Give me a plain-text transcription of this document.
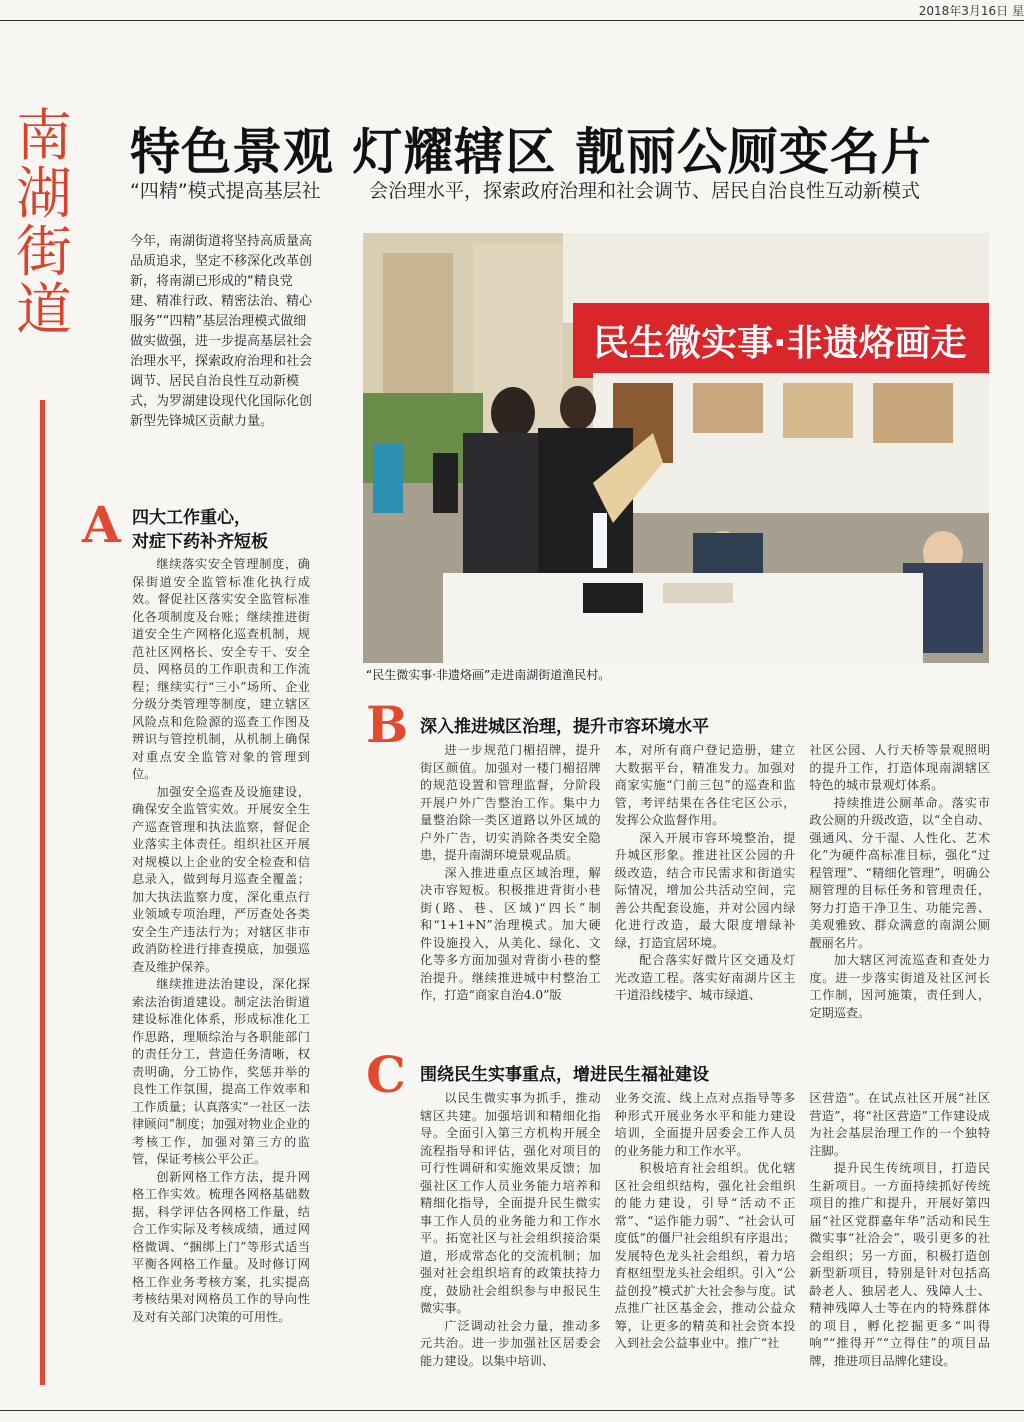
2018年3月16日 星
南
湖
街
道
特色景观 灯耀辖区 靓丽公厕变名片
“四精”模式提高基层社        会治理水平，探索政府治理和社会调节、居民自治良性互动新模式
今年，南湖街道将坚持高质量高品质追求，坚定不移深化改革创新，将南湖已形成的“精良党建、精准行政、精密法治、精心服务”“四精”基层治理模式做细做实做强，进一步提高基层社会治理水平，探索政府治理和社会调节、居民自治良性互动新模式，为罗湖建设现代化国际化创新型先锋城区贡献力量。
民生微实事·非遗烙画走
“民生微实事·非遗烙画”走进南湖街道渔民村。
A 四大工作重心，
对症下药补齐短板

继续落实安全管理制度，确保街道安全监管标准化执行成效。督促社区落实安全监管标准化各项制度及台账；继续推进街道安全生产网格化巡查机制，规范社区网格长、安全专干、安全员、网格员的工作职责和工作流程；继续实行“三小”场所、企业分级分类管理等制度，建立辖区风险点和危险源的巡查工作图及辨识与管控机制，从机制上确保对重点安全监管对象的管理到位。

加强安全巡查及设施建设，确保安全监管实效。开展安全生产巡查管理和执法监察，督促企业落实主体责任。组织社区开展对规模以上企业的安全检查和信息录入，做到每月巡查全覆盖；加大执法监察力度，深化重点行业领域专项治理，严厉查处各类安全生产违法行为；对辖区非市政消防栓进行排查摸底，加强巡查及维护保养。

继续推进法治建设，深化探索法治街道建设。制定法治街道建设标准化体系，形成标准化工作思路，理顺综治与各职能部门的责任分工，营造任务清晰，权责明确，分工协作，奖惩并举的良性工作氛围，提高工作效率和工作质量；认真落实“一社区一法律顾问”制度；加强对物业企业的考核工作，加强对第三方的监管，保证考核公平公正。

创新网格工作方法，提升网格工作实效。梳理各网格基础数据，科学评估各网格工作量，结合工作实际及考核成绩，通过网格微调、“捆绑上门”等形式适当平衡各网格工作量。及时修订网格工作业务考核方案，扎实提高考核结果对网格员工作的导向性及对有关部门决策的可用性。

B 深入推进城区治理，提升市容环境水平

进一步规范门楣招牌，提升街区颜值。加强对一楼门楣招牌的规范设置和管理监督，分阶段开展户外广告整治工作。集中力量整治除一类区道路以外区域的户外广告，切实消除各类安全隐患，提升南湖环境景观品质。

深入推进重点区域治理，解决市容短板。积极推进背街小巷街(路、巷、区域)“四长”制和“1+1+N”治理模式。加大硬件设施投入，从美化、绿化、文化等多方面加强对背街小巷的整治提升。继续推进城中村整治工作，打造“商家自治4.0”版

本，对所有商户登记造册，建立大数据平台，精准发力。加强对商家实施“门前三包”的巡查和监管，考评结果在各住宅区公示，发挥公众监督作用。

深入开展市容环境整治，提升城区形象。推进社区公园的升级改造，结合市民需求和街道实际情况，增加公共活动空间，完善公共配套设施，并对公园内绿化进行改造，最大限度增绿补绿，打造宜居环境。

配合落实好微片区交通及灯光改造工程。落实好南湖片区主干道沿线楼宇、城市绿道、

社区公园、人行天桥等景观照明的提升工作，打造体现南湖辖区特色的城市景观灯体系。

持续推进公厕革命。落实市政公厕的升级改造，以“全自动、强通风、分干湿、人性化、艺术化”为硬件高标准目标，强化“过程管理”、“精细化管理”，明确公厕管理的目标任务和管理责任，努力打造干净卫生、功能完善、美观雅致、群众满意的南湖公厕靓丽名片。

加大辖区河流巡查和查处力度。进一步落实街道及社区河长工作制，因河施策，责任到人，定期巡查。

C 围绕民生实事重点，增进民生福祉建设

以民生微实事为抓手，推动辖区共建。加强培训和精细化指导。全面引入第三方机构开展全流程指导和评估，强化对项目的可行性调研和实施效果反馈；加强社区工作人员业务能力培养和精细化指导，全面提升民生微实事工作人员的业务能力和工作水平。拓宽社区与社会组织接洽渠道，形成常态化的交流机制；加强对社会组织培育的政策扶持力度，鼓励社会组织参与申报民生微实事。

广泛调动社会力量，推动多元共治。进一步加强社区居委会能力建设。以集中培训、

业务交流、线上点对点指导等多种形式开展业务水平和能力建设培训，全面提升居委会工作人员的业务能力和工作水平。

积极培育社会组织。优化辖区社会组织结构，强化社会组织的能力建设，引导“活动不正常”、“运作能力弱”、“社会认可度低”的僵尸社会组织有序退出；发展特色龙头社会组织，着力培育枢纽型龙头社会组织。引入“公益创投”模式扩大社会参与度。试点推广社区基金会，推动公益众筹，让更多的精英和社会资本投入到社会公益事业中。推广“社

区营造”。在试点社区开展“社区营造”，将“社区营造”工作建设成为社会基层治理工作的一个独特注脚。

提升民生传统项目，打造民生新项目。一方面持续抓好传统项目的推广和提升，开展好第四届“社区党群嘉年华”活动和民生微实事“社洽会”，吸引更多的社会组织；另一方面，积极打造创新型新项目，特别是针对包括高龄老人、独居老人、残障人士、精神残障人士等在内的特殊群体的项目，孵化挖掘更多“叫得响”“推得开”“立得住”的项目品牌，推进项目品牌化建设。
